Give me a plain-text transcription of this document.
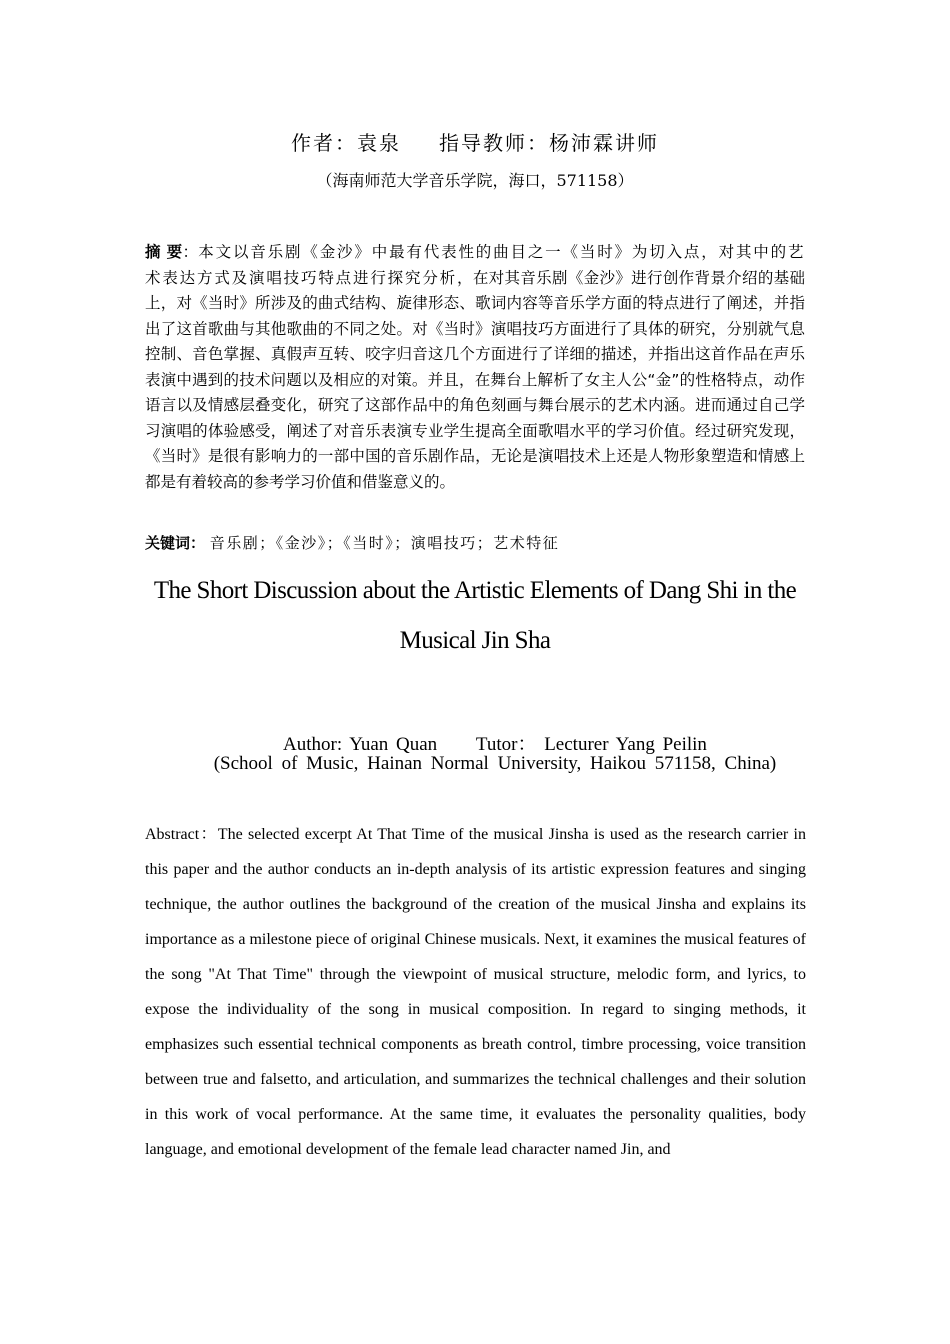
作者：袁泉 指导教师：杨沛霖讲师
（海南师范大学音乐学院，海口，571158）
摘 要：本文以音乐剧《金沙》中最有代表性的曲目之一《当时》为切入点，对其中的艺术表达方式及演唱技巧特点进行探究分析，在对其音乐剧《金沙》进行创作背景介绍的基础上，对《当时》所涉及的曲式结构、旋律形态、歌词内容等音乐学方面的特点进行了阐述，并指出了这首歌曲与其他歌曲的不同之处。对《当时》演唱技巧方面进行了具体的研究，分别就气息控制、音色掌握、真假声互转、咬字归音这几个方面进行了详细的描述，并指出这首作品在声乐表演中遇到的技术问题以及相应的对策。并且，在舞台上解析了女主人公“金”的性格特点，动作语言以及情感层叠变化，研究了这部作品中的角色刻画与舞台展示的艺术内涵。进而通过自己学习演唱的体验感受，阐述了对音乐表演专业学生提高全面歌唱水平的学习价值。经过研究发现，《当时》是很有影响力的一部中国的音乐剧作品，无论是演唱技术上还是人物形象塑造和情感上都是有着较高的参考学习价值和借鉴意义的。
关键词： 音乐剧；《金沙》；《当时》；演唱技巧；艺术特征
The Short Discussion about the Artistic Elements of Dang Shi in the Musical Jin Sha
Author: Yuan Quan Tutor： Lecturer Yang Peilin
(School of Music, Hainan Normal University, Haikou 571158, China)
Abstract：The selected excerpt At That Time of the musical Jinsha is used as the research carrier in this paper and the author conducts an in-depth analysis of its artistic expression features and singing technique, the author outlines the background of the creation of the musical Jinsha and explains its importance as a milestone piece of original Chinese musicals. Next, it examines the musical features of the song "At That Time" through the viewpoint of musical structure, melodic form, and lyrics, to expose the individuality of the song in musical composition. In regard to singing methods, it emphasizes such essential technical components as breath control, timbre processing, voice transition between true and falsetto, and articulation, and summarizes the technical challenges and their solution in this work of vocal performance. At the same time, it evaluates the personality qualities, body language, and emotional development of the female lead character named Jin, and
